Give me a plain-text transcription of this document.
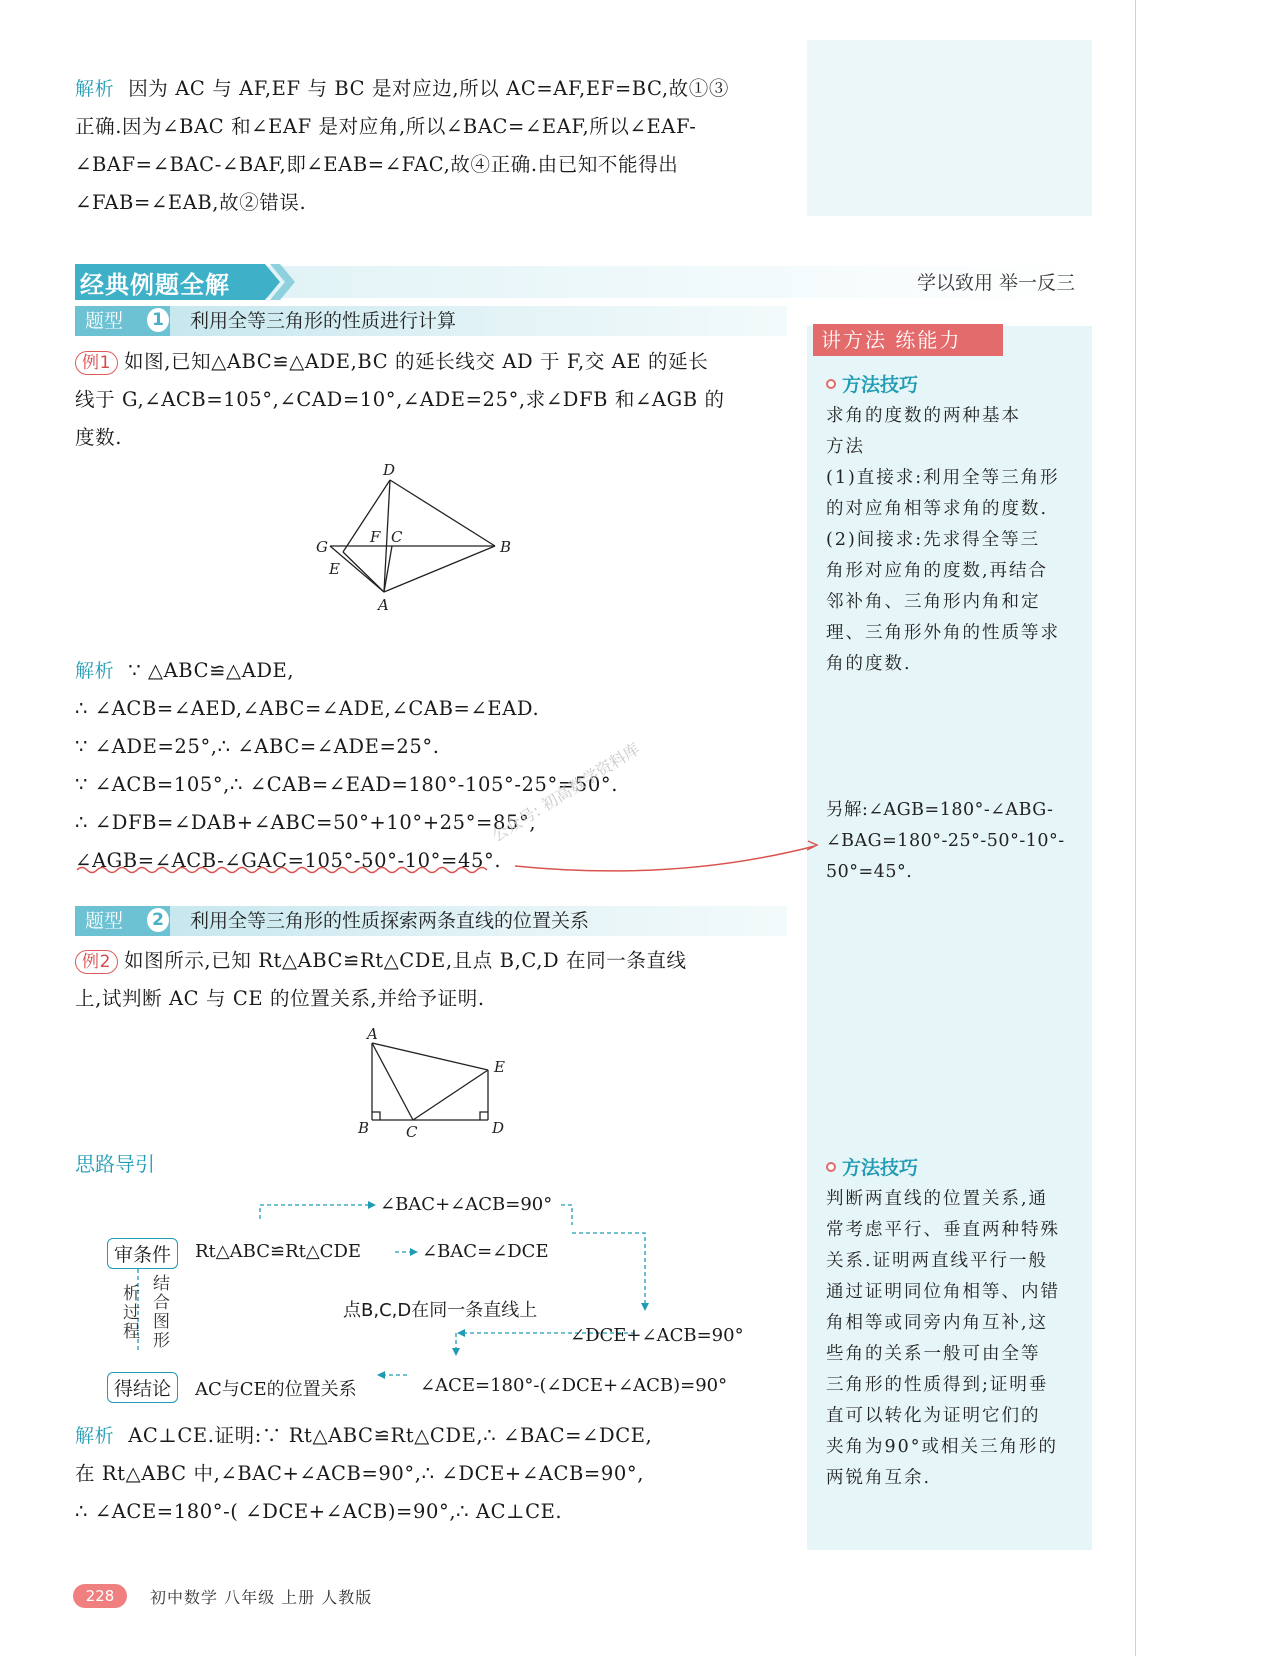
解析 因为 AC 与 AF,EF 与 BC 是对应边,所以 AC=AF,EF=BC,故①③
正确.因为∠BAC 和∠EAF 是对应角,所以∠BAC=∠EAF,所以∠EAF-
∠BAF=∠BAC-∠BAF,即∠EAB=∠FAC,故④正确.由已知不能得出
∠FAB=∠EAB,故②错误.
经典例题全解	学以致用 举一反三
题型	1 利用全等三角形的性质进行计算
讲方法 练能力
例1 如图,已知△ABC≌△ADE,BC 的延长线交 AD 于 F,交 AE 的延长
线于 G,∠ACB=105°,∠CAD=10°,∠ADE=25°,求∠DFB 和∠AGB 的
度数.
D
G
F C
B
E
A
解析 ∵ △ABC≌△ADE,
∴ ∠ACB=∠AED,∠ABC=∠ADE,∠CAB=∠EAD.
∵ ∠ADE=25°,∴ ∠ABC=∠ADE=25°.
∵ ∠ACB=105°,∴ ∠CAB=∠EAD=180°-105°-25°=50°.
∴ ∠DFB=∠DAB+∠ABC=50°+10°+25°=85°,
∠AGB=∠ACB-∠GAC=105°-50°-10°=45°.
公众号: 初高数学资料库
方法技巧
求角的度数的两种基本
方法
(1)直接求:利用全等三角形
的对应角相等求角的度数.
(2)间接求:先求得全等三
角形对应角的度数,再结合
邻补角、三角形内角和定
理、三角形外角的性质等求
角的度数.
另解:∠AGB=180°-∠ABG-
∠BAG=180°-25°-50°-10°-
50°=45°.
题型	2 利用全等三角形的性质探索两条直线的位置关系
例2 如图所示,已知 Rt△ABC≌Rt△CDE,且点 B,C,D 在同一条直线
上,试判断 AC 与 CE 的位置关系,并给予证明.
A
E
B C	D
思路导引
审条件
得结论
析过程
结合图形
∠BAC+∠ACB=90°
Rt△ABC≌Rt△CDE	∠BAC=∠DCE
点B,C,D在同一条直线上
∠DCE+∠ACB=90°
AC与CE的位置关系	∠ACE=180°-(∠DCE+∠ACB)=90°
方法技巧
判断两直线的位置关系,通
常考虑平行、垂直两种特殊
关系.证明两直线平行一般
通过证明同位角相等、内错
角相等或同旁内角互补,这
些角的关系一般可由全等
三角形的性质得到;证明垂
直可以转化为证明它们的
夹角为90°或相关三角形的
两锐角互余.
解析 AC⊥CE.证明:∵ Rt△ABC≌Rt△CDE,∴ ∠BAC=∠DCE,
在 Rt△ABC 中,∠BAC+∠ACB=90°,∴ ∠DCE+∠ACB=90°,
∴ ∠ACE=180°-( ∠DCE+∠ACB)=90°,∴ AC⊥CE.
228	初中数学 八年级 上册 人教版
